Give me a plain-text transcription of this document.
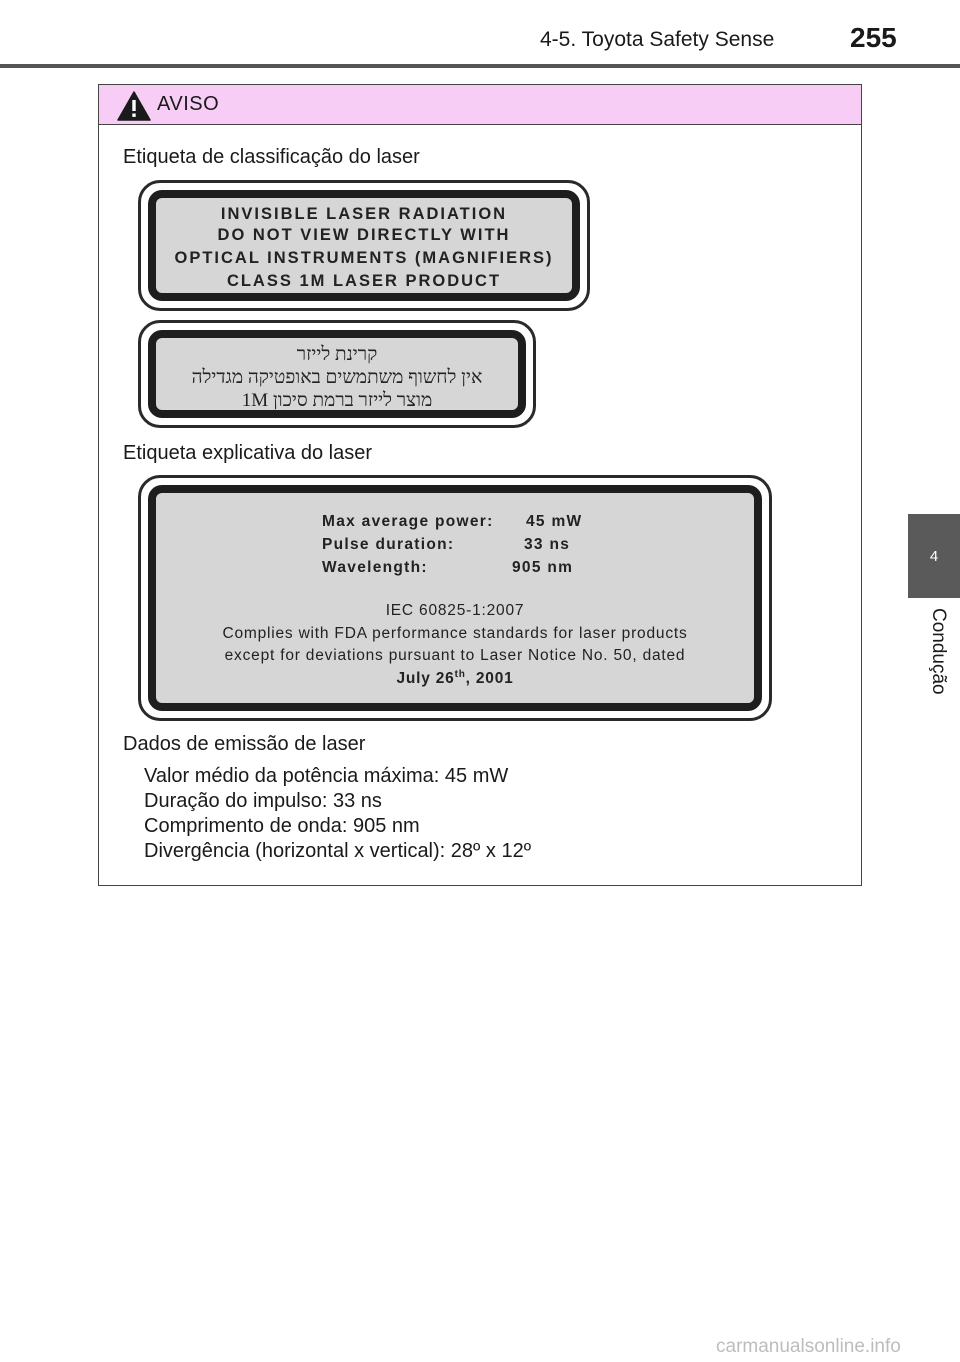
4-5. Toyota Safety Sense	255
4
Condução
AVISO
Etiqueta de classificação do laser
INVISIBLE LASER RADIATION
DO NOT VIEW DIRECTLY WITH
OPTICAL INSTRUMENTS (MAGNIFIERS)
CLASS 1M LASER PRODUCT
קרינת לייזר
אין לחשוף משתמשים באופטיקה מגדילה
מוצר לייזר ברמת סיכון 1M
Etiqueta explicativa do laser
Max average power: 45 mW
Pulse duration:	33 ns
Wavelength:	905 nm
IEC 60825-1:2007
Complies with FDA performance standards for laser products
except for deviations pursuant to Laser Notice No. 50, dated
July 26th, 2001
Dados de emissão de laser
Valor médio da potência máxima: 45 mW
Duração do impulso: 33 ns
Comprimento de onda: 905 nm
Divergência (horizontal x vertical): 28º x 12º
carmanualsonline.info
